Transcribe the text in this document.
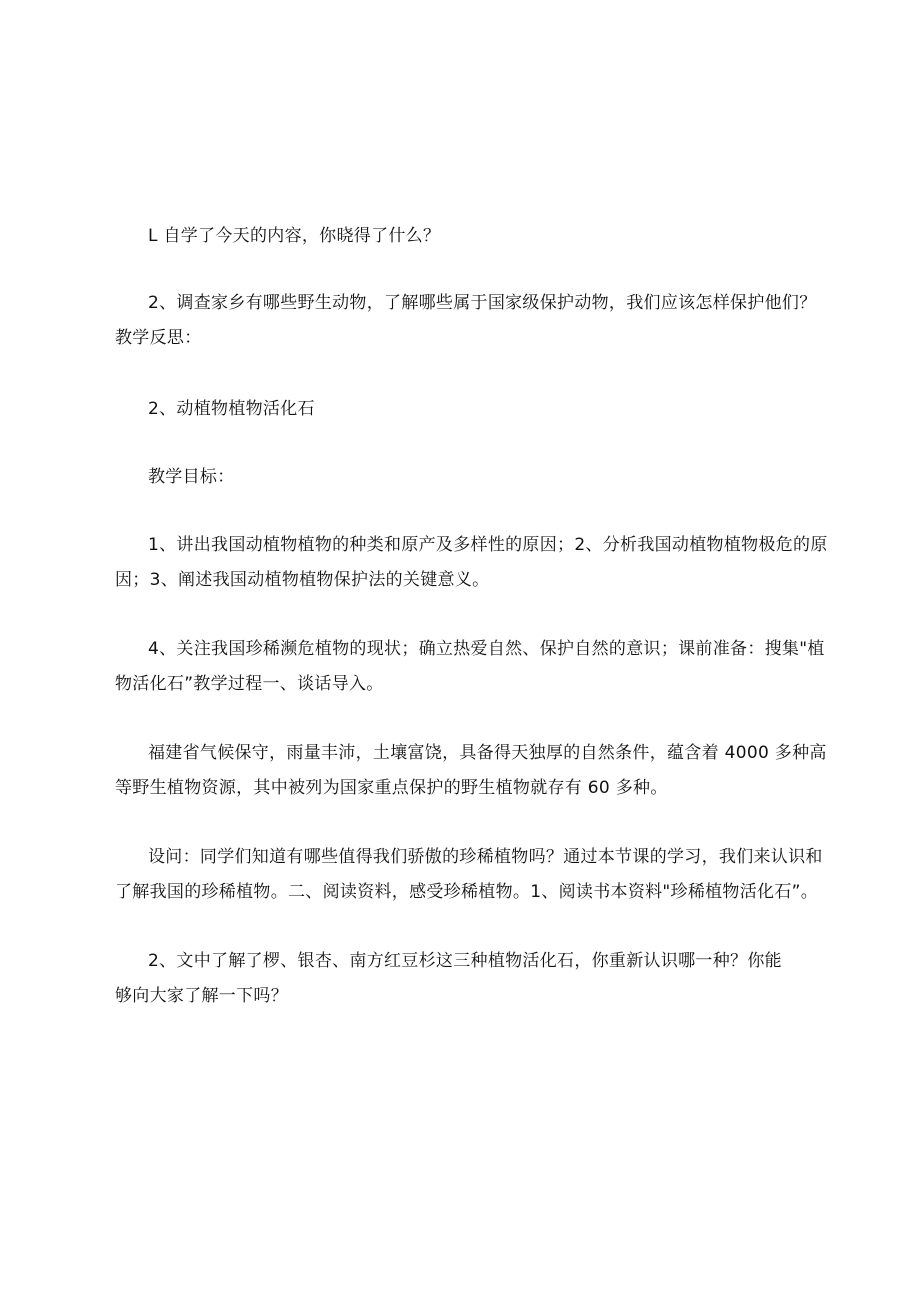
L 自学了今天的内容，你晓得了什么？
2、调查家乡有哪些野生动物，了解哪些属于国家级保护动物，我们应该怎样保护他们？
教学反思：
2、动植物植物活化石
教学目标：
1、讲出我国动植物植物的种类和原产及多样性的原因；2、分析我国动植物植物极危的原
因；3、阐述我国动植物植物保护法的关键意义。
4、关注我国珍稀濒危植物的现状；确立热爱自然、保护自然的意识；课前准备：搜集"植
物活化石”教学过程一、谈话导入。
福建省气候保守，雨量丰沛，土壤富饶，具备得天独厚的自然条件，蕴含着 4000 多种高
等野生植物资源，其中被列为国家重点保护的野生植物就存有 60 多种。
设问：同学们知道有哪些值得我们骄傲的珍稀植物吗？通过本节课的学习，我们来认识和
了解我国的珍稀植物。二、阅读资料，感受珍稀植物。1、阅读书本资料"珍稀植物活化石”。
2、文中了解了椤、银杏、南方红豆杉这三种植物活化石，你重新认识哪一种？你能
够向大家了解一下吗？
